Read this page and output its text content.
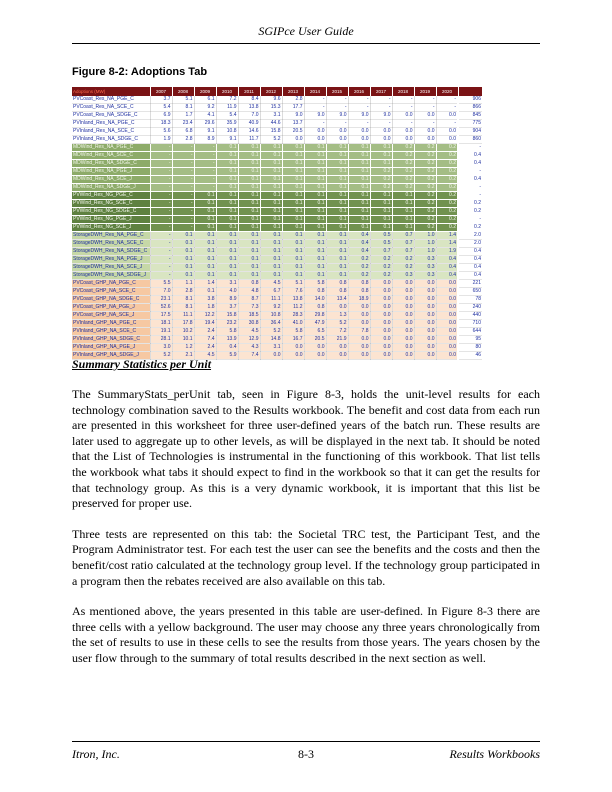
SGIPce User Guide
Figure 8-2: Adoptions Tab
Adoptions (MW)	2007	2008	2009	2010	2011	2012	2013	2014	2015	2016	2017	2018	2019	2020	
PVCoast_Res_NA_PGE_C	3.7	5.1	6.1	7.2	8.4	9.6	2.8	-	-	-	-	-	-	-	906
PVCoast_Res_NA_SCE_C	5.4	8.1	9.2	11.9	13.8	15.3	17.7	-	-	-	-	-	-	-	866
PVCoast_Res_NA_SDGE_C	6.9	1.7	4.1	5.4	7.0	3.1	9.0	9.0	9.0	9.0	9.0	0.0	0.0	0.0	845
PVInland_Res_NA_PGE_C	18.3	23.4	29.6	35.9	40.9	44.6	13.7	-	-	-	-	-	-	-	775
PVInland_Res_NA_SCE_C	5.6	6.8	9.1	10.8	14.6	15.8	20.5	0.0	0.0	0.0	0.0	0.0	0.0	0.0	904
PVInland_Res_NA_SDGE_C	1.9	2.8	8.9	9.1	11.7	5.2	0.0	0.0	0.0	0.0	0.0	0.0	0.0	0.0	860
MDWind_Res_NA_PGE_C	-	-	-	0.1	0.1	0.1	0.1	0.1	0.1	0.1	0.1	0.2	0.2	0.2	-
MDWind_Res_NA_SCE_C	-	-	-	0.1	0.1	0.1	0.1	0.1	0.1	0.1	0.1	0.2	0.2	0.2	0.4
MDWind_Res_NA_SDGE_C	-	-	-	0.1	0.1	0.1	0.1	0.1	0.1	0.1	0.1	0.2	0.2	0.2	0.4
MDWind_Res_NA_PGE_J	-	-	-	0.1	0.1	0.1	0.1	0.1	0.1	0.1	0.2	0.2	0.2	0.2	-
MDWind_Res_NA_SCE_J	-	-	-	0.1	0.1	0.1	0.1	0.1	0.1	0.1	0.2	0.2	0.2	0.2	0.4
MDWind_Res_NA_SDGE_J	-	-	-	0.1	0.1	0.1	0.1	0.1	0.1	0.1	0.2	0.2	0.2	0.2	-
PVWind_Res_NG_PGE_C	-	-	0.1	0.1	0.1	0.1	0.1	0.1	0.1	0.1	0.1	0.1	0.2	0.2	-
PVWind_Res_NG_SCE_C	-	-	0.1	0.1	0.1	0.1	0.1	0.1	0.1	0.1	0.1	0.1	0.2	0.2	0.2
PVWind_Res_NG_SDGE_C	-	-	0.1	0.1	0.1	0.1	0.1	0.1	0.1	0.1	0.1	0.1	0.2	0.2	0.2
PVWind_Res_NG_PGE_J	-	-	0.1	0.1	0.1	0.1	0.1	0.1	0.1	0.1	0.1	0.1	0.2	0.2	-
PVWind_Res_NG_SCE_J	-	-	0.1	0.1	0.1	0.1	0.1	0.1	0.1	0.1	0.1	0.1	0.2	0.2	0.2
StorageDWH_Res_NA_PGE_C	-	0.1	0.1	0.1	0.1	0.1	0.1	0.1	0.1	0.4	0.5	0.7	1.0	1.4	2.0
StorageDWH_Res_NA_SCE_C	-	0.1	0.1	0.1	0.1	0.1	0.1	0.1	0.1	0.4	0.5	0.7	1.0	1.4	2.0
StorageDWH_Res_NA_SDGE_C	-	0.1	0.1	0.1	0.1	0.1	0.1	0.1	0.1	0.4	0.7	0.7	1.0	1.9	0.4
StorageDWH_Res_NA_PGE_J	-	0.1	0.1	0.1	0.1	0.1	0.1	0.1	0.1	0.2	0.2	0.2	0.3	0.4	0.4
StorageDWH_Res_NA_SCE_J	-	0.1	0.1	0.1	0.1	0.1	0.1	0.1	0.1	0.2	0.2	0.2	0.3	0.4	0.4
StorageDWH_Res_NA_SDGE_J	-	0.1	0.1	0.1	0.1	0.1	0.1	0.1	0.1	0.2	0.2	0.3	0.3	0.4	0.4
PVCoast_GHP_NA_PGE_C	5.5	1.1	1.4	3.1	0.8	4.5	5.1	5.8	0.8	0.8	0.0	0.0	0.0	0.0	221
PVCoast_GHP_NA_SCE_C	7.0	2.8	0.1	4.0	4.8	6.7	7.6	0.8	0.8	0.8	0.0	0.0	0.0	0.0	650
PVCoast_GHP_NA_SDGE_C	23.1	8.1	3.8	8.9	8.7	11.1	13.8	14.0	13.4	18.9	0.0	0.0	0.0	0.0	78
PVCoast_GHP_NA_PGE_J	52.6	8.1	1.8	3.7	7.3	9.2	11.2	0.8	0.0	0.0	0.0	0.0	0.0	0.0	240
PVCoast_GHP_NA_SCE_J	17.5	11.1	12.2	15.8	18.5	10.8	28.3	29.8	1.3	0.0	0.0	0.0	0.0	0.0	440
PVInland_GHP_NA_PGE_C	18.1	17.8	19.4	23.2	30.8	36.4	41.0	47.9	5.2	0.0	0.0	0.0	0.0	0.0	710
PVInland_GHP_NA_SCE_C	19.1	10.2	2.4	5.8	4.5	5.2	5.8	6.5	7.2	7.8	0.0	0.0	0.0	0.0	644
PVInland_GHP_NA_SDGE_C	28.1	10.1	7.4	13.9	12.9	14.8	16.7	20.5	21.9	0.0	0.0	0.0	0.0	0.0	95
PVInland_GHP_NA_PGE_J	3.0	1.2	2.4	0.4	4.3	3.1	0.0	0.0	0.0	0.0	0.0	0.0	0.0	0.0	80
PVInland_GHP_NA_SDGE_J	5.2	2.1	4.5	5.9	7.4	0.0	0.0	0.0	0.0	0.0	0.0	0.0	0.0	0.0	46
Summary Statistics per Unit

The SummaryStats_perUnit tab, seen in Figure 8-3, holds the unit-level results for each technology combination saved to the Results workbook. The benefit and cost data from each run are presented in this worksheet for three user-defined years of the batch run. These results are later used to aggregate up to other levels, as will be displayed in the next tab. It should be noted that the List of Technologies is instrumental in the functioning of this workbook. That list tells the workbook what tabs it should expect to find in the workbook so that it can get the results for that technology group. As this is a very dynamic workbook, it is important that this list be preserved for proper use.

Three tests are represented on this tab: the Societal TRC test, the Participant Test, and the Program Administrator test. For each test the user can see the benefits and the costs and then the benefit/cost ratio calculated at the technology group level. If the technology group participated in a program then the rebates received are also available on this tab.

As mentioned above, the years presented in this table are user-defined. In Figure 8-3 there are three cells with a yellow background. The user may choose any three years chronologically from the set of results to use in these cells to see the results from those years. The years chosen by the user flow through to the summary of total results described in the next section as well.

Itron, Inc.	8-3	Results Workbooks
